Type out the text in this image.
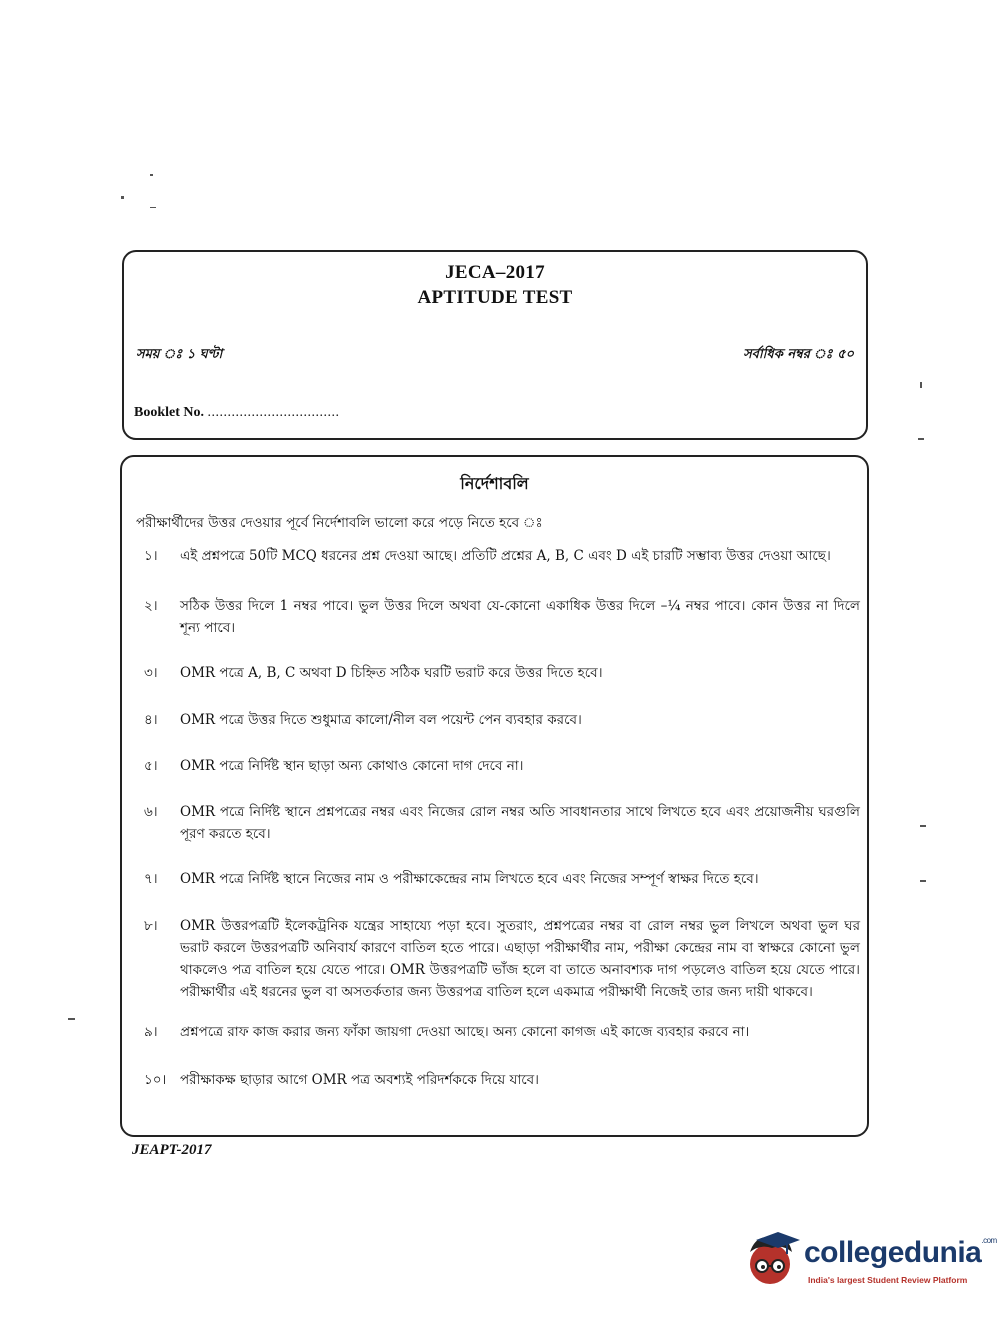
JECA–2017
APTITUDE TEST
সময় ঃ ১ ঘণ্টা	সর্বাধিক নম্বর ঃ ৫০
Booklet No. .................................
নির্দেশাবলি
পরীক্ষার্থীদের উত্তর দেওয়ার পূর্বে নির্দেশাবলি ভালো করে পড়ে নিতে হবে ঃ
১।	এই প্রশ্নপত্রে 50টি MCQ ধরনের প্রশ্ন দেওয়া আছে। প্রতিটি প্রশ্নের A, B, C এবং D এই চারটি সম্ভাব্য উত্তর দেওয়া আছে।
২।	সঠিক উত্তর দিলে 1 নম্বর পাবে। ভুল উত্তর দিলে অথবা যে-কোনো একাধিক উত্তর দিলে –¼ নম্বর পাবে। কোন উত্তর না দিলে শূন্য পাবে।
৩।	OMR পত্রে A, B, C অথবা D চিহ্নিত সঠিক ঘরটি ভরাট করে উত্তর দিতে হবে।
৪।	OMR পত্রে উত্তর দিতে শুধুমাত্র কালো/নীল বল পয়েন্ট পেন ব্যবহার করবে।
৫।	OMR পত্রে নির্দিষ্ট স্থান ছাড়া অন্য কোথাও কোনো দাগ দেবে না।
৬।	OMR পত্রে নির্দিষ্ট স্থানে প্রশ্নপত্রের নম্বর এবং নিজের রোল নম্বর অতি সাবধানতার সাথে লিখতে হবে এবং প্রয়োজনীয় ঘরগুলি পূরণ করতে হবে।
৭।	OMR পত্রে নির্দিষ্ট স্থানে নিজের নাম ও পরীক্ষাকেন্দ্রের নাম লিখতে হবে এবং নিজের সম্পূর্ণ স্বাক্ষর দিতে হবে।
৮।	OMR উত্তরপত্রটি ইলেকট্রনিক যন্ত্রের সাহায্যে পড়া হবে। সুতরাং, প্রশ্নপত্রের নম্বর বা রোল নম্বর ভুল লিখলে অথবা ভুল ঘর ভরাট করলে উত্তরপত্রটি অনিবার্য কারণে বাতিল হতে পারে। এছাড়া পরীক্ষার্থীর নাম, পরীক্ষা কেন্দ্রের নাম বা স্বাক্ষরে কোনো ভুল থাকলেও পত্র বাতিল হয়ে যেতে পারে। OMR উত্তরপত্রটি ভাঁজ হলে বা তাতে অনাবশ্যক দাগ পড়লেও বাতিল হয়ে যেতে পারে। পরীক্ষার্থীর এই ধরনের ভুল বা অসতর্কতার জন্য উত্তরপত্র বাতিল হলে একমাত্র পরীক্ষার্থী নিজেই তার জন্য দায়ী থাকবে।
৯।	প্রশ্নপত্রে রাফ কাজ করার জন্য ফাঁকা জায়গা দেওয়া আছে। অন্য কোনো কাগজ এই কাজে ব্যবহার করবে না।
১০।	পরীক্ষাকক্ষ ছাড়ার আগে OMR পত্র অবশ্যই পরিদর্শককে দিয়ে যাবে।
JEAPT-2017
collegedunia$^{.com}$
India's largest Student Review Platform
